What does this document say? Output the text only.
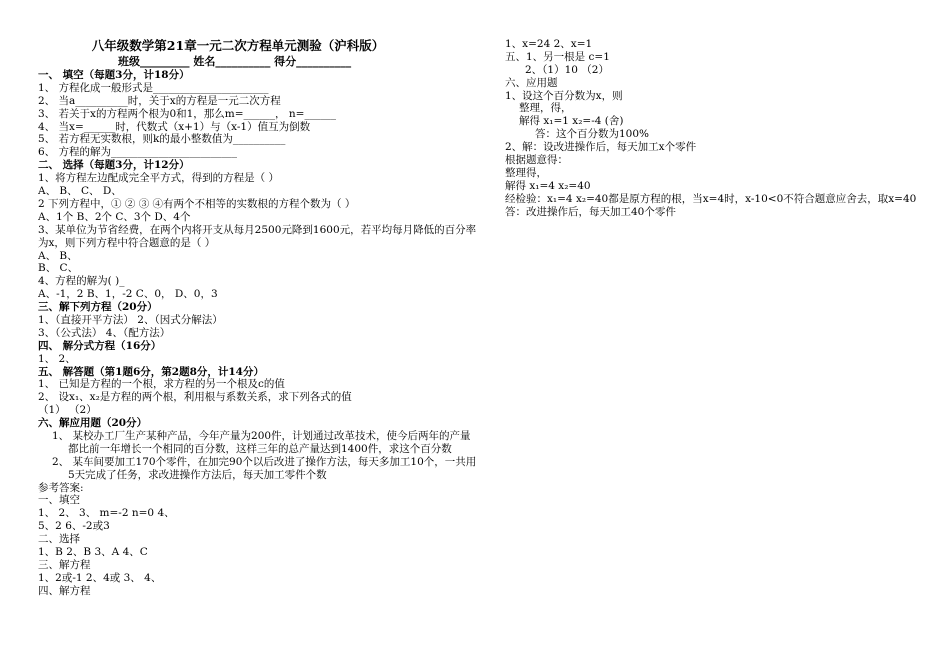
八年级数学第21章一元二次方程单元测验（沪科版）
班级_________ 姓名__________ 得分__________
一、 填空（每题3分，计18分）
1、 方程化成一般形式是______________________
2、 当a__________时，关于x的方程是一元二次方程
3、 若关于x的方程两个根为0和1，那么m=______， n=______
4、 当x=______时，代数式（x+1）与（x-1）值互为倒数
5、 若方程无实数根，则k的最小整数值为__________
6、 方程的解为________________________
二、 选择（每题3分，计12分）
1、将方程左边配成完全平方式，得到的方程是（ ）
A、 B、 C、 D、
2 下列方程中，① ② ③ ④有两个不相等的实数根的方程个数为（ ）
A、1个 B、2个 C、3个 D、4个
3、某单位为节省经费，在两个内将开支从每月2500元降到1600元，若平均每月降低的百分率为x，则下列方程中符合题意的是（ ）
A、 B、
B、 C、
4、方程的解为( )_
A、-1，2 B、1，-2 C、0， D、0，3
三、解下列方程（20分）
1、（直接开平方法） 2、（因式分解法）
3、（公式法） 4、（配方法）
四、 解分式方程（16分）
1、 2、
五、 解答题（第1题6分，第2题8分，计14分）
1、 已知是方程的一个根，求方程的另一个根及c的值
2、 设x₁、x₂是方程的两个根，利用根与系数关系，求下列各式的值
（1） （2）
六、解应用题（20分）
1、 某校办工厂生产某种产品，今年产量为200件，计划通过改革技术，使今后两年的产量都比前一年增长一个相同的百分数，这样三年的总产量达到1400件，求这个百分数
2、 某车间要加工170个零件，在加完90个以后改进了操作方法，每天多加工10个，一共用5天完成了任务，求改进操作方法后，每天加工零件个数
参考答案:
一、填空
1、 2、 3、 m=-2 n=0 4、
5、2 6、-2或3
二、选择
1、B 2、B 3、A 4、C
三、解方程
1、2或-1 2、4或 3、 4、
四、解方程
1、x=24 2、x=1
五、1、另一根是 c=1
2、（1）10 （2）
六、应用题
1、设这个百分数为x，则
整理，得，
解得 x₁=1 x₂=-4 (舍)
答：这个百分数为100%
2、解：设改进操作后，每天加工x个零件
根据题意得：
整理得，
解得 x₁=4 x₂=40
经检验：x₁=4 x₂=40都是原方程的根，当x=4时，x-10<0不符合题意应舍去，取x=40
答：改进操作后，每天加工40个零件
